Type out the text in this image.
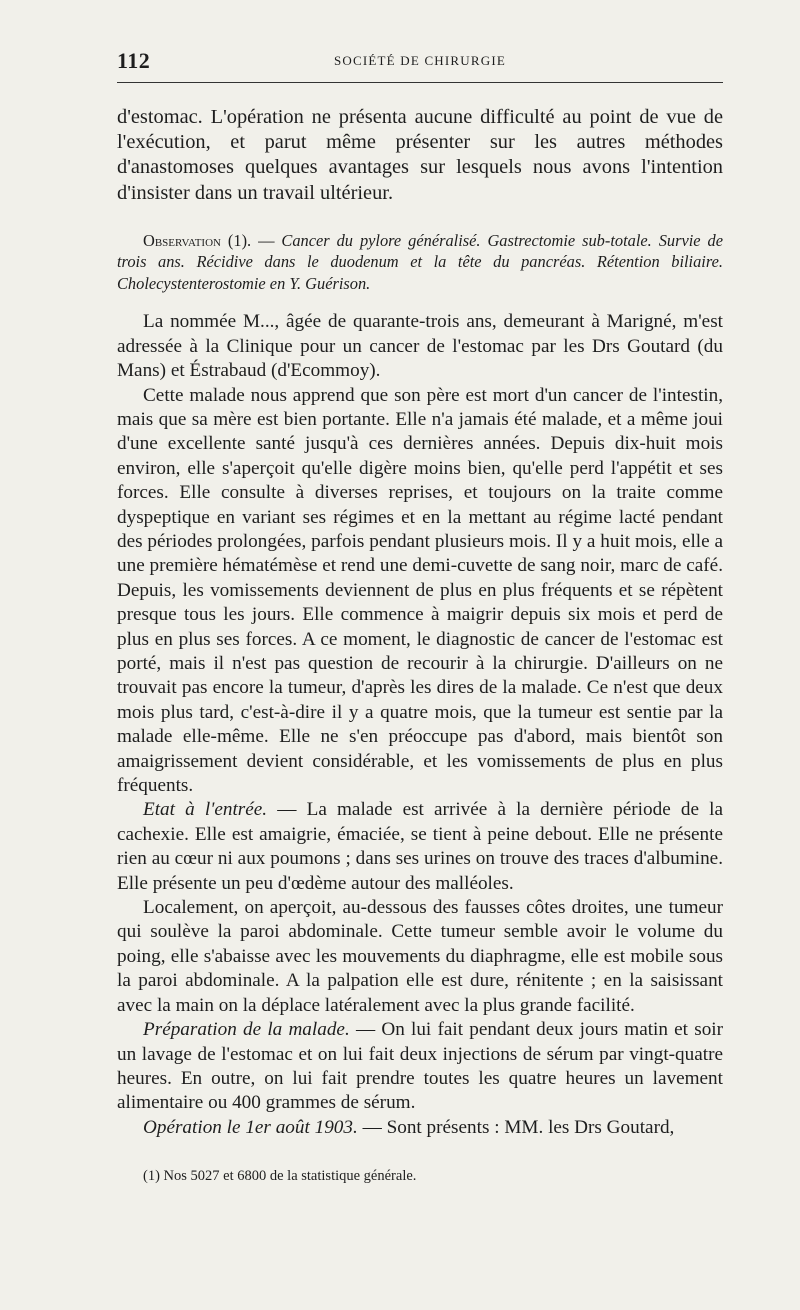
112	SOCIÉTÉ DE CHIRURGIE

d'estomac. L'opération ne présenta aucune difficulté au point de vue de l'exécution, et parut même présenter sur les autres méthodes d'anastomoses quelques avantages sur lesquels nous avons l'intention d'insister dans un travail ultérieur.

Observation (1). — Cancer du pylore généralisé. Gastrectomie sub-totale. Survie de trois ans. Récidive dans le duodenum et la tête du pancréas. Rétention biliaire. Cholecystenterostomie en Y. Guérison.

La nommée M..., âgée de quarante-trois ans, demeurant à Marigné, m'est adressée à la Clinique pour un cancer de l'estomac par les Drs Goutard (du Mans) et Éstrabaud (d'Ecommoy).

Cette malade nous apprend que son père est mort d'un cancer de l'intestin, mais que sa mère est bien portante. Elle n'a jamais été malade, et a même joui d'une excellente santé jusqu'à ces dernières années. Depuis dix-huit mois environ, elle s'aperçoit qu'elle digère moins bien, qu'elle perd l'appétit et ses forces. Elle consulte à diverses reprises, et toujours on la traite comme dyspeptique en variant ses régimes et en la mettant au régime lacté pendant des périodes prolongées, parfois pendant plusieurs mois. Il y a huit mois, elle a une première hématémèse et rend une demi-cuvette de sang noir, marc de café. Depuis, les vomissements deviennent de plus en plus fréquents et se répètent presque tous les jours. Elle commence à maigrir depuis six mois et perd de plus en plus ses forces. A ce moment, le diagnostic de cancer de l'estomac est porté, mais il n'est pas question de recourir à la chirurgie. D'ailleurs on ne trouvait pas encore la tumeur, d'après les dires de la malade. Ce n'est que deux mois plus tard, c'est-à-dire il y a quatre mois, que la tumeur est sentie par la malade elle-même. Elle ne s'en préoccupe pas d'abord, mais bientôt son amaigrissement devient considérable, et les vomissements de plus en plus fréquents.

Etat à l'entrée. — La malade est arrivée à la dernière période de la cachexie. Elle est amaigrie, émaciée, se tient à peine debout. Elle ne présente rien au cœur ni aux poumons ; dans ses urines on trouve des traces d'albumine. Elle présente un peu d'œdème autour des malléoles.

Localement, on aperçoit, au-dessous des fausses côtes droites, une tumeur qui soulève la paroi abdominale. Cette tumeur semble avoir le volume du poing, elle s'abaisse avec les mouvements du diaphragme, elle est mobile sous la paroi abdominale. A la palpation elle est dure, rénitente ; en la saisissant avec la main on la déplace latéralement avec la plus grande facilité.

Préparation de la malade. — On lui fait pendant deux jours matin et soir un lavage de l'estomac et on lui fait deux injections de sérum par vingt-quatre heures. En outre, on lui fait prendre toutes les quatre heures un lavement alimentaire ou 400 grammes de sérum.

Opération le 1er août 1903. — Sont présents : MM. les Drs Goutard,

(1) Nos 5027 et 6800 de la statistique générale.
